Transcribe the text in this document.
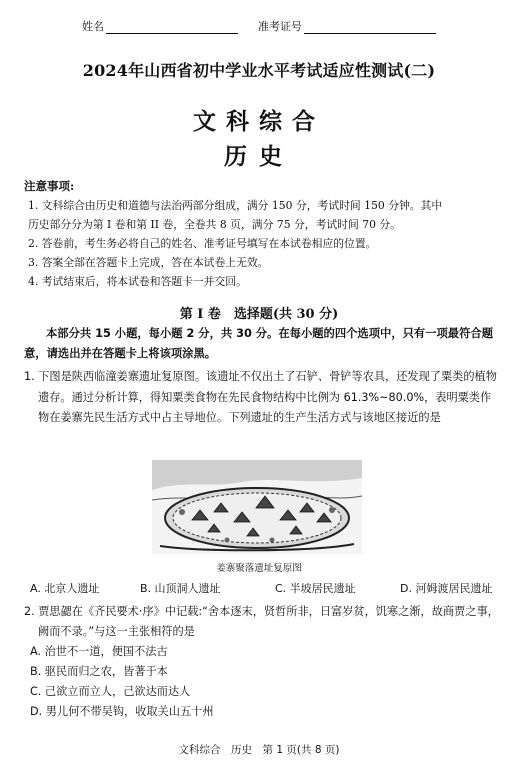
姓名	准考证号
2024年山西省初中学业水平考试适应性测试(二)
文科综合
历史
注意事项:
1. 文科综合由历史和道德与法治两部分组成，满分 150 分，考试时间 150 分钟。其中
历史部分分为第 I 卷和第 II 卷，全卷共 8 页，满分 75 分，考试时间 70 分。
2. 答卷前，考生务必将自己的姓名、准考证号填写在本试卷相应的位置。
3. 答案全部在答题卡上完成，答在本试卷上无效。
4. 考试结束后，将本试卷和答题卡一并交回。
第 I 卷　选择题(共 30 分)
本部分共 15 小题，每小题 2 分，共 30 分。在每小题的四个选项中，只有一项最符合题意，请选出并在答题卡上将该项涂黑。
1. 下图是陕西临潼姜寨遗址复原图。该遗址不仅出土了石铲、骨铲等农具，还发现了粟类的植物遗存。通过分析计算，得知粟类食物在先民食物结构中比例为 61.3%~80.0%，表明粟类作物在姜寨先民生活方式中占主导地位。下列遗址的生产生活方式与该地区接近的是
姜寨聚落遗址复原图
A. 北京人遗址	B. 山顶洞人遗址	C. 半坡居民遗址	D. 河姆渡居民遗址
2. 贾思勰在《齐民要术·序》中记载:“舍本逐末，贤哲所非，日富岁贫，饥寒之渐，故商贾之事，阙而不录。”与这一主张相符的是
A. 治世不一道，便国不法古
B. 驱民而归之农，皆著于本
C. 己欲立而立人，己欲达而达人
D. 男儿何不带吴钩，收取关山五十州
文科综合　历史　第 1 页(共 8 页)
